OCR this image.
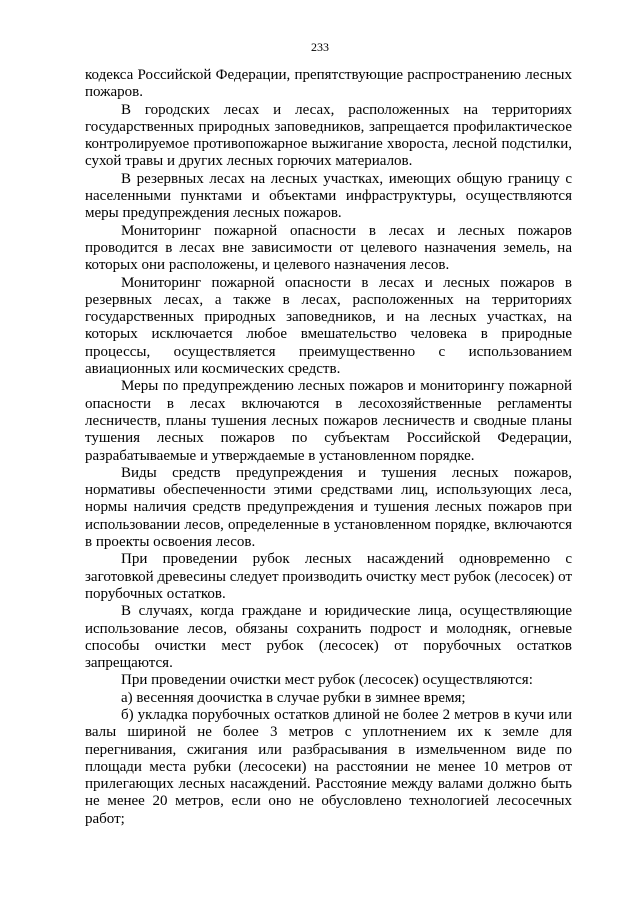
233

кодекса Российской Федерации, препятствующие распространению лесных пожаров.

В городских лесах и лесах, расположенных на территориях государственных природных заповедников, запрещается профилактическое контролируемое противопожарное выжигание хвороста, лесной подстилки, сухой травы и других лесных горючих материалов.

В резервных лесах на лесных участках, имеющих общую границу с населенными пунктами и объектами инфраструктуры, осуществляются меры предупреждения лесных пожаров.

Мониторинг пожарной опасности в лесах и лесных пожаров проводится в лесах вне зависимости от целевого назначения земель, на которых они расположены, и целевого назначения лесов.

Мониторинг пожарной опасности в лесах и лесных пожаров в резервных лесах, а также в лесах, расположенных на территориях государственных природных заповедников, и на лесных участках, на которых исключается любое вмешательство человека в природные процессы, осуществляется преимущественно с использованием авиационных или космических средств.

Меры по предупреждению лесных пожаров и мониторингу пожарной опасности в лесах включаются в лесохозяйственные регламенты лесничеств, планы тушения лесных пожаров лесничеств и сводные планы тушения лесных пожаров по субъектам Российской Федерации, разрабатываемые и утверждаемые в установленном порядке.

Виды средств предупреждения и тушения лесных пожаров, нормативы обеспеченности этими средствами лиц, использующих леса, нормы наличия средств предупреждения и тушения лесных пожаров при использовании лесов, определенные в установленном порядке, включаются в проекты освоения лесов.

При проведении рубок лесных насаждений одновременно с заготовкой древесины следует производить очистку мест рубок (лесосек) от порубочных остатков.

В случаях, когда граждане и юридические лица, осуществляющие использование лесов, обязаны сохранить подрост и молодняк, огневые способы очистки мест рубок (лесосек) от порубочных остатков запрещаются.

При проведении очистки мест рубок (лесосек) осуществляются:

а) весенняя доочистка в случае рубки в зимнее время;

б) укладка порубочных остатков длиной не более 2 метров в кучи или валы шириной не более 3 метров с уплотнением их к земле для перегнивания, сжигания или разбрасывания в измельченном виде по площади места рубки (лесосеки) на расстоянии не менее 10 метров от прилегающих лесных насаждений. Расстояние между валами должно быть не менее 20 метров, если оно не обусловлено технологией лесосечных работ;
